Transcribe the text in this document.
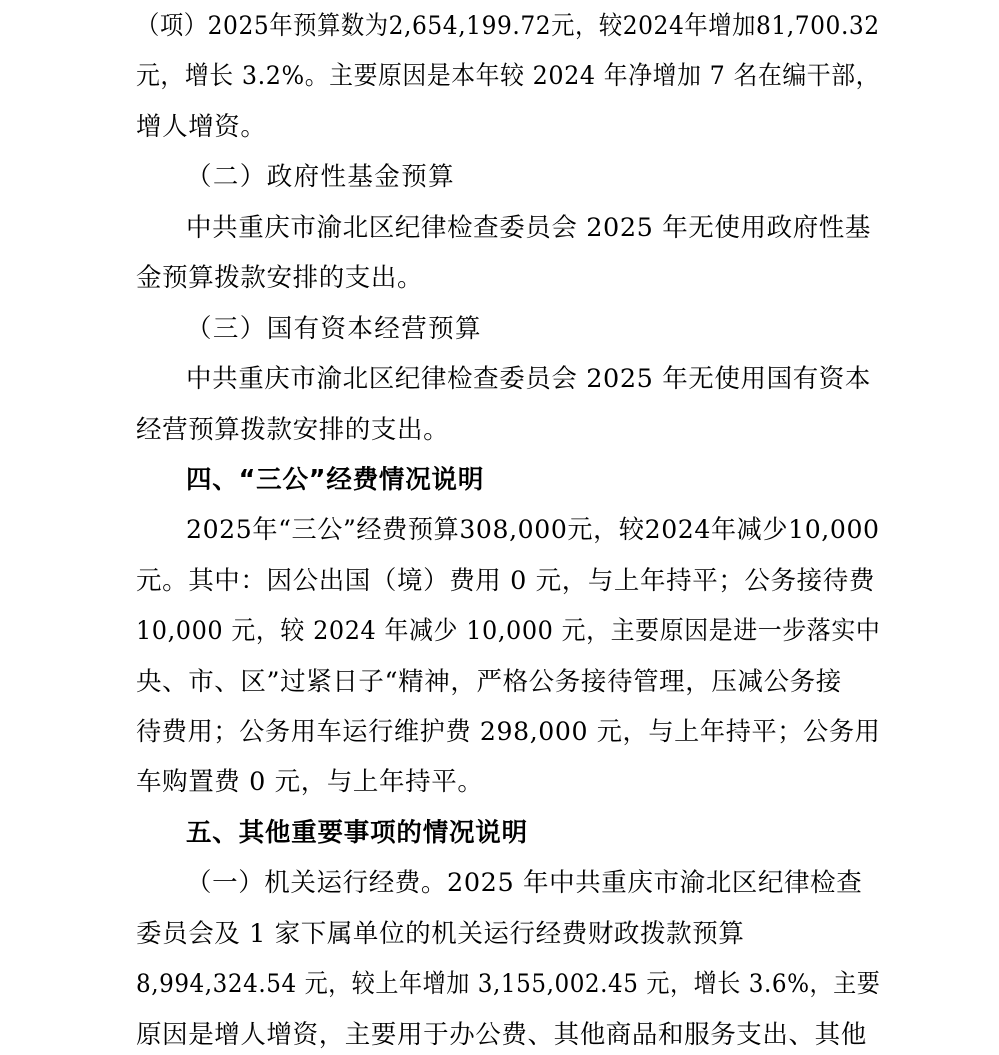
（项）2025年预算数为2,654,199.72元，较2024年增加81,700.32
元，增长 3.2%。主要原因是本年较 2024 年净增加 7 名在编干部，
增人增资。
（二）政府性基金预算
中共重庆市渝北区纪律检查委员会 2025 年无使用政府性基
金预算拨款安排的支出。
（三）国有资本经营预算
中共重庆市渝北区纪律检查委员会 2025 年无使用国有资本
经营预算拨款安排的支出。
四、“三公”经费情况说明
2025年“三公”经费预算308,000元，较2024年减少10,000
元。其中：因公出国（境）费用 0 元，与上年持平；公务接待费
10,000 元，较 2024 年减少 10,000 元，主要原因是进一步落实中
央、市、区”过紧日子“精神，严格公务接待管理，压减公务接
待费用；公务用车运行维护费 298,000 元，与上年持平；公务用
车购置费 0 元，与上年持平。
五、其他重要事项的情况说明
（一）机关运行经费。2025 年中共重庆市渝北区纪律检查
委员会及 1 家下属单位的机关运行经费财政拨款预算
8,994,324.54 元，较上年增加 3,155,002.45 元，增长 3.6%，主要
原因是增人增资，主要用于办公费、其他商品和服务支出、其他
